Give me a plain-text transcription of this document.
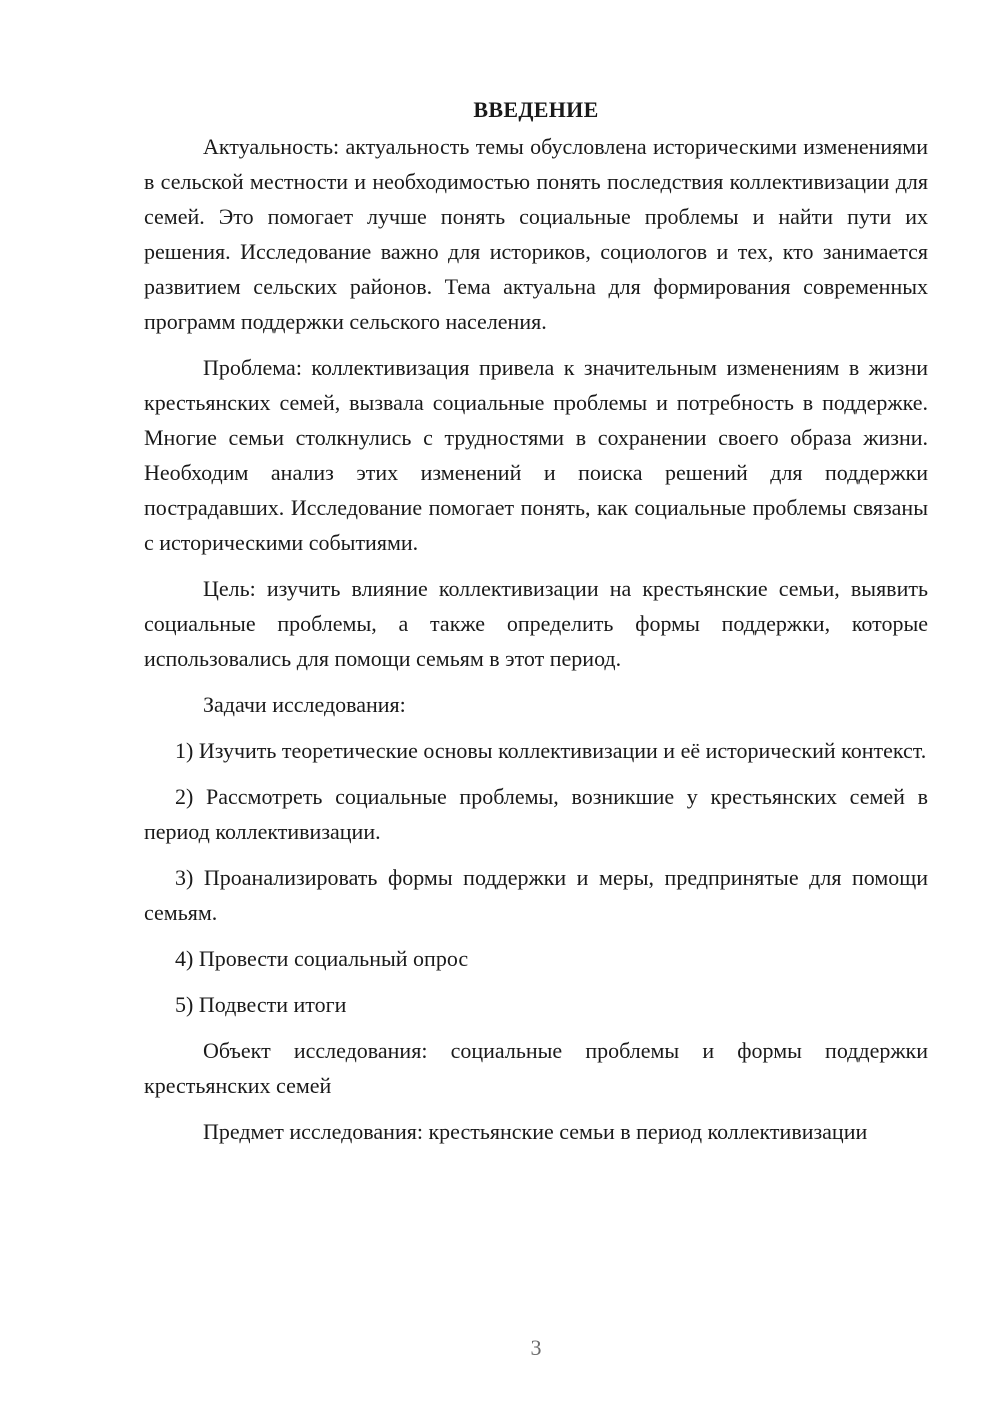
ВВЕДЕНИЕ

Актуальность: актуальность темы обусловлена историческими изменениями в сельской местности и необходимостью понять последствия коллективизации для семей. Это помогает лучше понять социальные проблемы и найти пути их решения. Исследование важно для историков, социологов и тех, кто занимается развитием сельских районов. Тема актуальна для формирования современных программ поддержки сельского населения.

Проблема: коллективизация привела к значительным изменениям в жизни крестьянских семей, вызвала социальные проблемы и потребность в поддержке. Многие семьи столкнулись с трудностями в сохранении своего образа жизни. Необходим анализ этих изменений и поиска решений для поддержки пострадавших. Исследование помогает понять, как социальные проблемы связаны с историческими событиями.

Цель: изучить влияние коллективизации на крестьянские семьи, выявить социальные проблемы, а также определить формы поддержки, которые использовались для помощи семьям в этот период.

Задачи исследования:

1) Изучить теоретические основы коллективизации и её исторический контекст.

2) Рассмотреть социальные проблемы, возникшие у крестьянских семей в период коллективизации.

3) Проанализировать формы поддержки и меры, предпринятые для помощи семьям.

4) Провести социальный опрос

5) Подвести итоги

Объект исследования: социальные проблемы и формы поддержки крестьянских семей

Предмет исследования: крестьянские семьи в период коллективизации

3
